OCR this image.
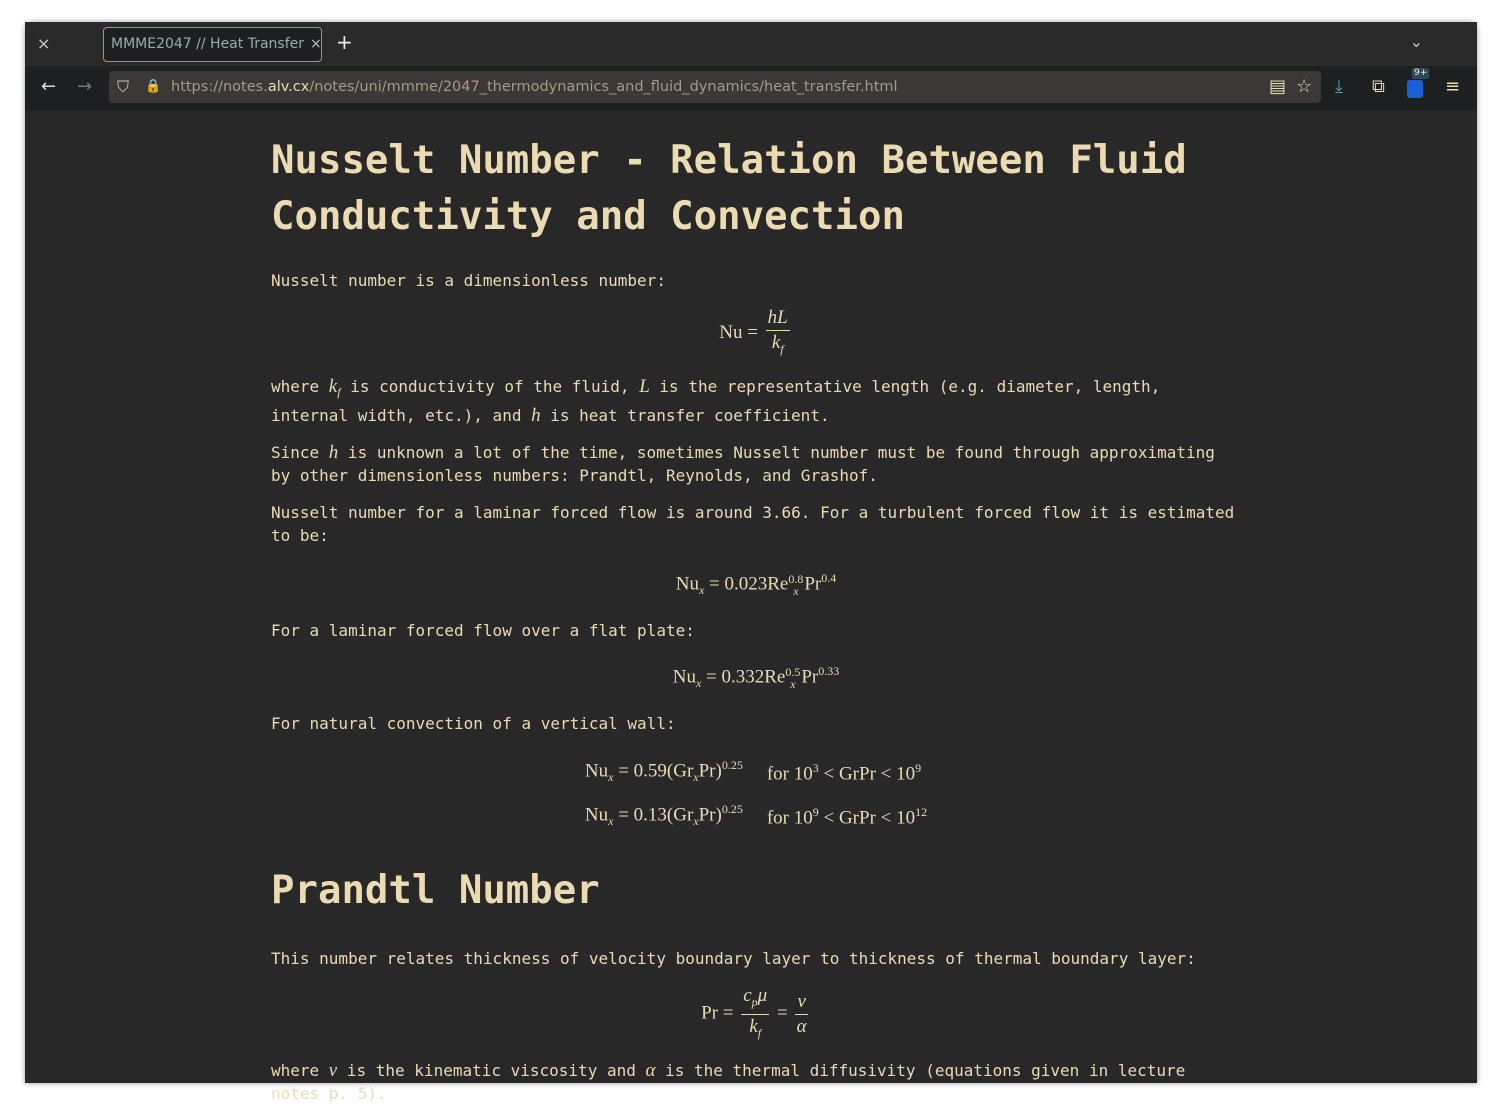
×	MMME2047 // Heat Transfer × +	⌄
← → ⛉ 🔒 https://notes.alv.cx/notes/uni/mmme/2047_thermodynamics_and_fluid_dynamics/heat_transfer.html	▤ ☆ ⤓ ⧉
9+
≡
Nusselt Number - Relation Between Fluid Conductivity and Convection

Nusselt number is a dimensionless number:

$Nu = \frac{hL}{k_f}$

where $k_f$ is conductivity of the fluid, L is the representative length (e.g. diameter, length, internal width, etc.), and h is heat transfer coefficient.

Since h is unknown a lot of the time, sometimes Nusselt number must be found through approximating by other dimensionless numbers: Prandtl, Reynolds, and Grashof.

Nusselt number for a laminar forced flow is around 3.66. For a turbulent forced flow it is estimated to be:

$Nu_x = 0.023Re$ 0.8
x $Pr^{0.4}$

For a laminar forced flow over a flat plate:

$Nu_x = 0.332Re$ 0.5
x $Pr^{0.33}$

For natural convection of a vertical wall:

$Nu_x = 0.59(Gr_xPr)^{0.25}$	for $10^3$ < GrPr < $10^9$
$Nu_x = 0.13(Gr_xPr)^{0.25}$	for $10^9$ < GrPr < $10^{12}$
Prandtl Number

This number relates thickness of velocity boundary layer to thickness of thermal boundary layer:

$Pr = \frac{c_p\mu}{k_f} = \frac{\nu}{\alpha}$

where ν is the kinematic viscosity and α is the thermal diffusivity (equations given in lecture notes p. 5).
